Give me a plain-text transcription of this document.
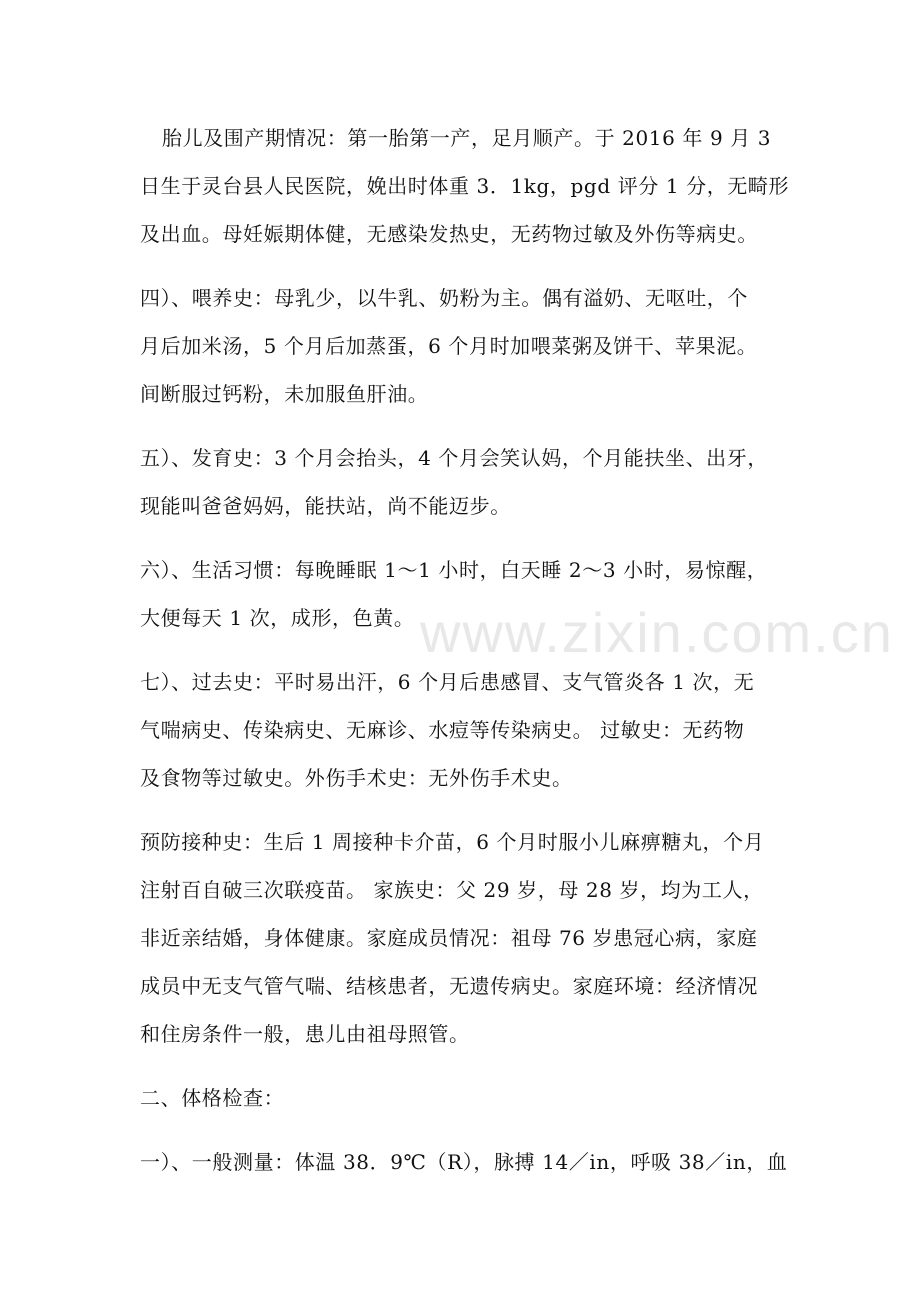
www.zixin.com.cn
胎儿及围产期情况：第一胎第一产，足月顺产。于 2016 年 9 月 3
日生于灵台县人民医院，娩出时体重 3．1kg，pgd 评分 1 分，无畸形
及出血。母妊娠期体健，无感染发热史，无药物过敏及外伤等病史。
四）、喂养史：母乳少，以牛乳、奶粉为主。偶有溢奶、无呕吐，个
月后加米汤，5 个月后加蒸蛋，6 个月时加喂菜粥及饼干、苹果泥。
间断服过钙粉，未加服鱼肝油。
五）、发育史：3 个月会抬头，4 个月会笑认妈，个月能扶坐、出牙，
现能叫爸爸妈妈，能扶站，尚不能迈步。
六）、生活习惯：每晚睡眠 1～1 小时，白天睡 2～3 小时，易惊醒，
大便每天 1 次，成形，色黄。
七）、过去史：平时易出汗，6 个月后患感冒、支气管炎各 1 次，无
气喘病史、传染病史、无麻诊、水痘等传染病史。 过敏史：无药物
及食物等过敏史。外伤手术史：无外伤手术史。
预防接种史：生后 1 周接种卡介苗，6 个月时服小儿麻痹糖丸，个月
注射百自破三次联疫苗。 家族史：父 29 岁，母 28 岁，均为工人，
非近亲结婚，身体健康。家庭成员情况：祖母 76 岁患冠心病，家庭
成员中无支气管气喘、结核患者，无遗传病史。家庭环境：经济情况
和住房条件一般，患儿由祖母照管。
二、体格检查：
一）、一般测量：体温 38．9℃（R），脉搏 14／in，呼吸 38／in，血
